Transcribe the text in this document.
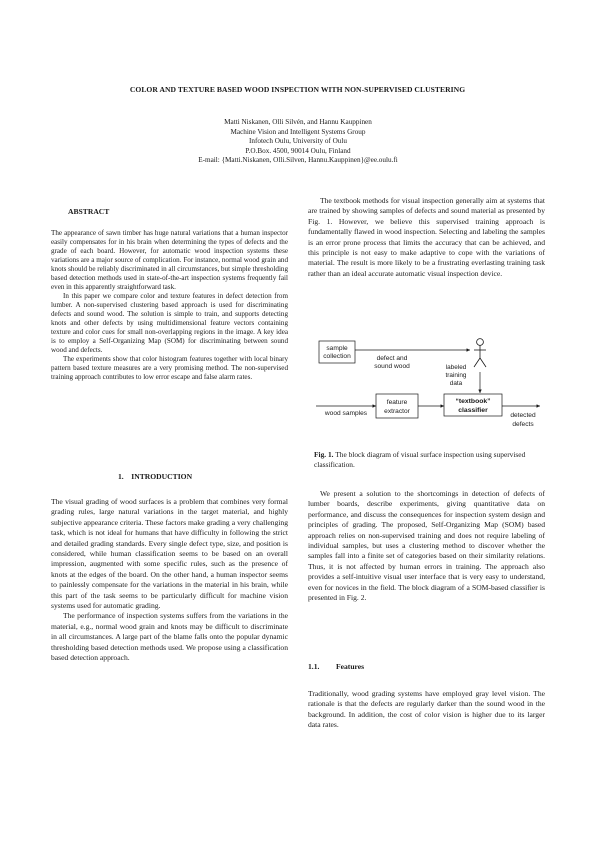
COLOR AND TEXTURE BASED WOOD INSPECTION WITH NON-SUPERVISED CLUSTERING
Matti Niskanen, Olli Silvén, and Hannu Kauppinen
Machine Vision and Intelligent Systems Group
Infotech Oulu, University of Oulu
P.O.Box. 4500, 90014 Oulu, Finland
E-mail: {Matti.Niskanen, Olli.Silven, Hannu.Kauppinen}@ee.oulu.fi
ABSTRACT

The appearance of sawn timber has huge natural variations that a human inspector easily compensates for in his brain when determining the types of defects and the grade of each board. However, for automatic wood inspection systems these variations are a major source of complication. For instance, normal wood grain and knots should be reliably discriminated in all circumstances, but simple thresholding based detection methods used in state-of-the-art inspection systems frequently fail even in this apparently straightforward task.

In this paper we compare color and texture features in defect detection from lumber. A non-supervised clustering based approach is used for discriminating defects and sound wood. The solution is simple to train, and supports detecting knots and other defects by using multidimensional feature vectors containing texture and color cues for small non-overlapping regions in the image. A key idea is to employ a Self-Organizing Map (SOM) for discriminating between sound wood and defects.

The experiments show that color histogram features together with local binary pattern based texture measures are a very promising method. The non-supervised training approach contributes to low error escape and false alarm rates.

1.    INTRODUCTION

The visual grading of wood surfaces is a problem that combines very formal grading rules, large natural variations in the target material, and highly subjective appearance criteria. These factors make grading a very challenging task, which is not ideal for humans that have difficulty in following the strict and detailed grading standards. Every single defect type, size, and position is considered, while human classification seems to be based on an overall impression, augmented with some specific rules, such as the presence of knots at the edges of the board. On the other hand, a human inspector seems to painlessly compensate for the variations in the material in his brain, while this part of the task seems to be particularly difficult for machine vision systems used for automatic grading.

The performance of inspection systems suffers from the variations in the material, e.g., normal wood grain and knots may be difficult to discriminate in all circumstances. A large part of the blame falls onto the popular dynamic thresholding based detection methods used. We propose using a classification based detection approach.

The textbook methods for visual inspection generally aim at systems that are trained by showing samples of defects and sound material as presented by Fig. 1. However, we believe this supervised training approach is fundamentally flawed in wood inspection. Selecting and labeling the samples is an error prone process that limits the accuracy that can be achieved, and this principle is not easy to make adaptive to cope with the variations of material. The result is more likely to be a frustrating everlasting training task rather than an ideal accurate automatic visual inspection device.

sample
collection	defect and
sound wood	labeled
training
data
wood samples
feature
extractor
“textbook”
classifier
detected
defects
Fig. 1. The block diagram of visual surface inspection using supervised classification.

We present a solution to the shortcomings in detection of defects of lumber boards, describe experiments, giving quantitative data on performance, and discuss the consequences for inspection system design and principles of grading. The proposed, Self-Organizing Map (SOM) based approach relies on non-supervised training and does not require labeling of individual samples, but uses a clustering method to discover whether the samples fall into a finite set of categories based on their similarity relations. Thus, it is not affected by human errors in training. The approach also provides a self-intuitive visual user interface that is very easy to understand, even for novices in the field. The block diagram of a SOM-based classifier is presented in Fig. 2.

1.1. Features

Traditionally, wood grading systems have employed gray level vision. The rationale is that the defects are regularly darker than the sound wood in the background. In addition, the cost of color vision is higher due to its larger data rates.
